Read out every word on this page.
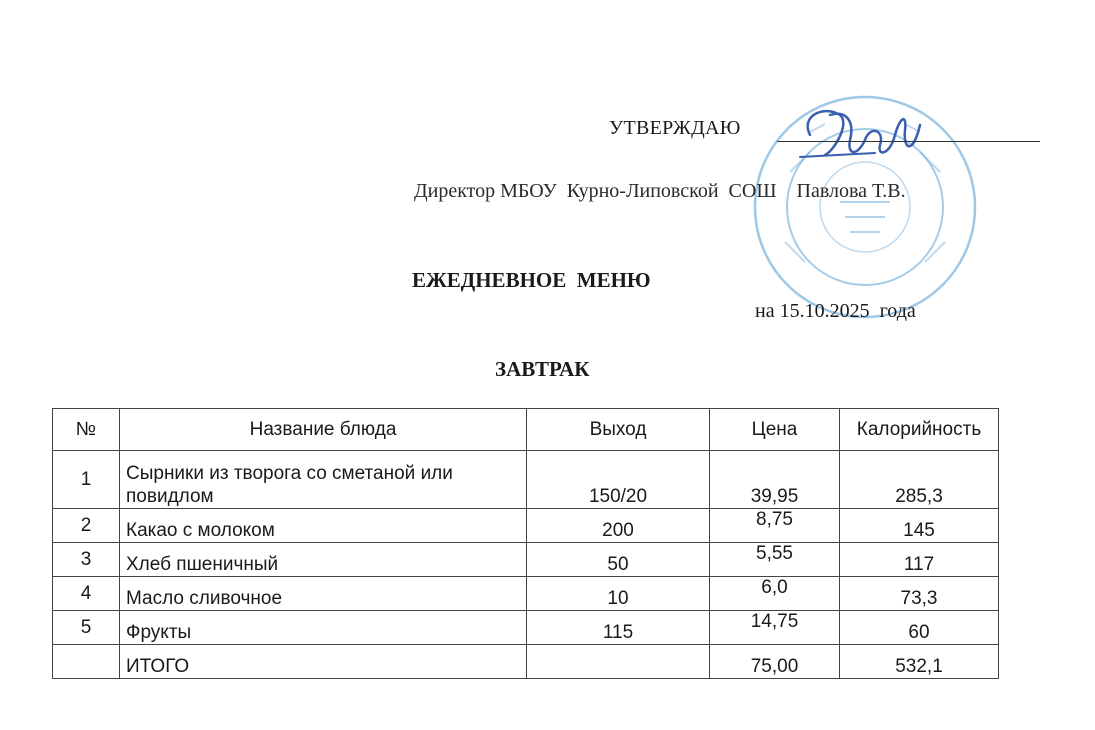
УТВЕРЖДАЮ
Директор МБОУ  Курно-Липовской  СОШ    Павлова Т.В.
ЕЖЕДНЕВНОЕ  МЕНЮ
на 15.10.2025  года
ЗАВТРАК
№	Название блюда	Выход	Цена	Калорийность
1	Сырники из творога со сметаной или повидлом	150/20	39,95	285,3
2	Какао с молоком	200	8,75	145
3	Хлеб пшеничный	50	5,55	117
4	Масло сливочное	10	6,0	73,3
5	Фрукты	115	14,75	60
	ИТОГО		75,00	532,1
